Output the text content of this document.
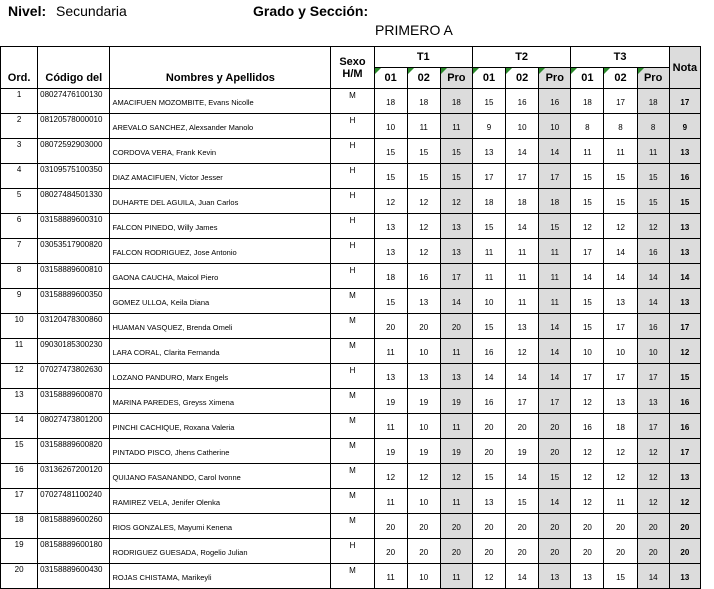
Nivel: Secundaria	Grado y Sección:
PRIMERO A
Ord.	Código del	Nombres y Apellidos	Sexo
H/M	T1			T2			T3			Nota
				01	02	Pro	01	02	Pro	01	02	Pro	
1	08027476100130	AMACIFUEN MOZOMBITE, Evans Nicolle	M	18	18	18	15	16	16	18	17	18	17
2	08120578000010	AREVALO SANCHEZ, Alexsander Manolo	H	10	11	11	9	10	10	8	8	8	9
3	08072592903000	CORDOVA VERA, Frank Kevin	H	15	15	15	13	14	14	11	11	11	13
4	03109575100350	DIAZ AMACIFUEN, Victor Jesser	H	15	15	15	17	17	17	15	15	15	16
5	08027484501330	DUHARTE DEL AGUILA, Juan Carlos	H	12	12	12	18	18	18	15	15	15	15
6	03158889600310	FALCON PINEDO, Willy James	H	13	12	13	15	14	15	12	12	12	13
7	03053517900820	FALCON RODRIGUEZ, Jose Antonio	H	13	12	13	11	11	11	17	14	16	13
8	03158889600810	GAONA CAUCHA, Maicol Piero	H	18	16	17	11	11	11	14	14	14	14
9	03158889600350	GOMEZ ULLOA, Keila Diana	M	15	13	14	10	11	11	15	13	14	13
10	03120478300860	HUAMAN VASQUEZ, Brenda Omeli	M	20	20	20	15	13	14	15	17	16	17
11	09030185300230	LARA CORAL, Clarita Fernanda	M	11	10	11	16	12	14	10	10	10	12
12	07027473802630	LOZANO PANDURO, Marx Engels	H	13	13	13	14	14	14	17	17	17	15
13	03158889600870	MARINA PAREDES, Greyss Ximena	M	19	19	19	16	17	17	12	13	13	16
14	08027473801200	PINCHI CACHIQUE, Roxana Valeria	M	11	10	11	20	20	20	16	18	17	16
15	03158889600820	PINTADO PISCO, Jhens Catherine	M	19	19	19	20	19	20	12	12	12	17
16	03136267200120	QUIJANO FASANANDO, Carol Ivonne	M	12	12	12	15	14	15	12	12	12	13
17	07027481100240	RAMIREZ VELA, Jenifer Olenka	M	11	10	11	13	15	14	12	11	12	12
18	08158889600260	RIOS GONZALES, Mayumi Kenena	M	20	20	20	20	20	20	20	20	20	20
19	08158889600180	RODRIGUEZ GUESADA, Rogelio Julian	H	20	20	20	20	20	20	20	20	20	20
20	03158889600430	ROJAS CHISTAMA, Marikeyli	M	11	10	11	12	14	13	13	15	14	13
